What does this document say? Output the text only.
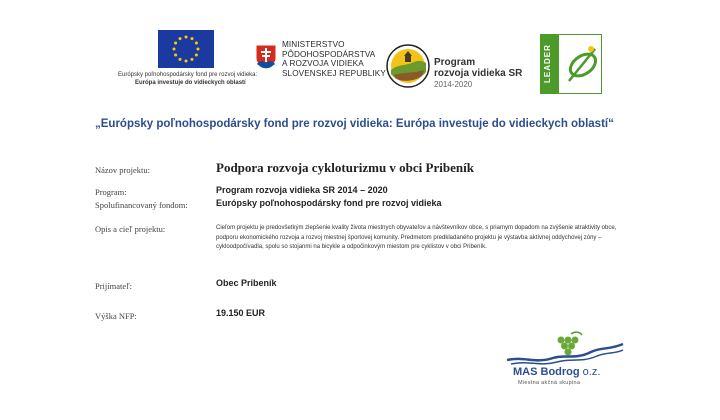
Európsky poľnohospodársky fond pre rozvoj vidieka:
Európa investuje do vidieckych oblastí
MINISTERSTVO
PÔDOHOSPODÁRSTVA
A ROZVOJA VIDIEKA
SLOVENSKEJ REPUBLIKY
Program
rozvoja vidieka SR
2014-2020
LEADER
„Európsky poľnohospodársky fond pre rozvoj vidieka: Európa investuje do vidieckych oblastí“
Názov projektu:	Podpora rozvoja cykloturizmu v obci Pribeník
Program:	Program rozvoja vidieka SR 2014 – 2020
Spolufinancovaný fondom:	Európsky poľnohospodársky fond pre rozvoj vidieka
Opis a cieľ projektu:	Cieľom projektu je predovšetkým zlepšenie kvality života miestnych obyvateľov a návštevníkov obce, s priamym dopadom na zvýšenie atraktivity obce, podporu ekonomického rozvoja a rozvoj miestnej športovej komunity. Predmetom predkladaného projektu je výstavba aktívnej oddychovej zóny – cykloodpočívadla, spolu so stojanmi na bicykle a odpočinkovým miestom pre cyklistov v obci Pribeník.
Prijímateľ:	Obec Pribeník
Výška NFP:	19.150 EUR
MAS Bodrog o.z.
Miestna akčná skupina
